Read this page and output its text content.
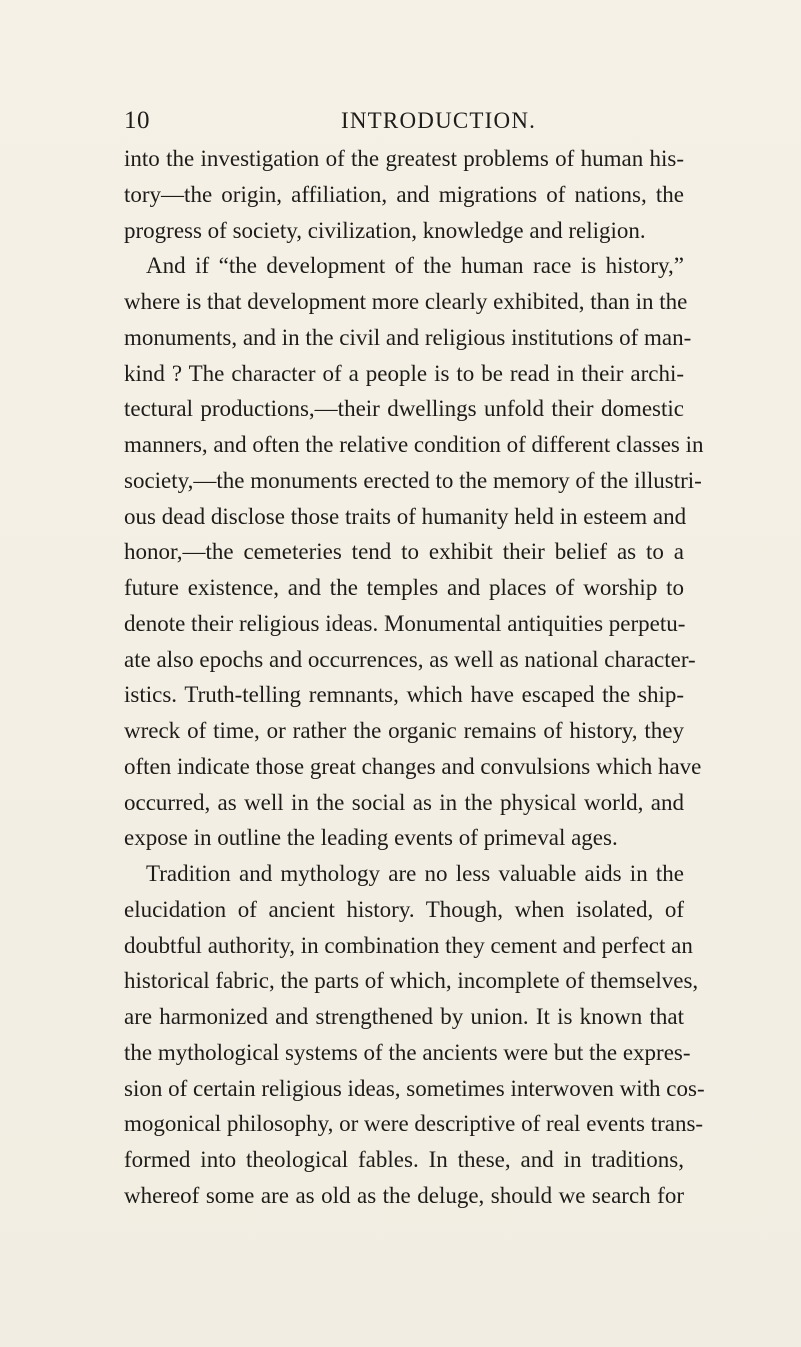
10	INTRODUCTION.
into the investigation of the greatest problems of human his-
tory—the origin, affiliation, and migrations of nations, the
progress of society, civilization, knowledge and religion.
And if “the development of the human race is history,”
where is that development more clearly exhibited, than in the
monuments, and in the civil and religious institutions of man-
kind ? The character of a people is to be read in their archi-
tectural productions,—their dwellings unfold their domestic
manners, and often the relative condition of different classes in
society,—the monuments erected to the memory of the illustri-
ous dead disclose those traits of humanity held in esteem and
honor,—the cemeteries tend to exhibit their belief as to a
future existence, and the temples and places of worship to
denote their religious ideas. Monumental antiquities perpetu-
ate also epochs and occurrences, as well as national character-
istics. Truth-telling remnants, which have escaped the ship-
wreck of time, or rather the organic remains of history, they
often indicate those great changes and convulsions which have
occurred, as well in the social as in the physical world, and
expose in outline the leading events of primeval ages.
Tradition and mythology are no less valuable aids in the
elucidation of ancient history. Though, when isolated, of
doubtful authority, in combination they cement and perfect an
historical fabric, the parts of which, incomplete of themselves,
are harmonized and strengthened by union. It is known that
the mythological systems of the ancients were but the expres-
sion of certain religious ideas, sometimes interwoven with cos-
mogonical philosophy, or were descriptive of real events trans-
formed into theological fables. In these, and in traditions,
whereof some are as old as the deluge, should we search for
